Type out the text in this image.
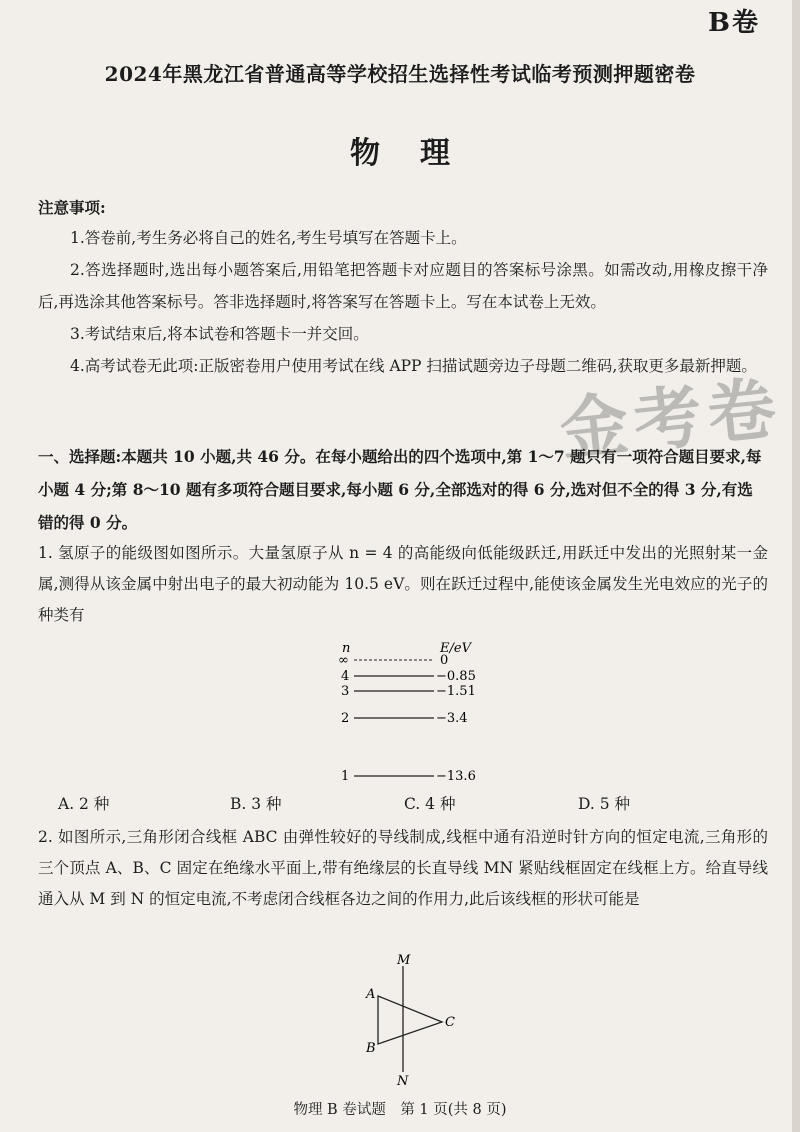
B卷
2024年黑龙江省普通高等学校招生选择性考试临考预测押题密卷
物理
注意事项:
1.答卷前,考生务必将自己的姓名,考生号填写在答题卡上。
2.答选择题时,选出每小题答案后,用铅笔把答题卡对应题目的答案标号涂黑。如需改动,用橡皮擦干净后,再选涂其他答案标号。答非选择题时,将答案写在答题卡上。写在本试卷上无效。
3.考试结束后,将本试卷和答题卡一并交回。
4.高考试卷无此项:正版密卷用户使用考试在线 APP 扫描试题旁边子母题二维码,获取更多最新押题。
金考卷
一、选择题:本题共 10 小题,共 46 分。在每小题给出的四个选项中,第 1～7 题只有一项符合题目要求,每小题 4 分;第 8～10 题有多项符合题目要求,每小题 6 分,全部选对的得 6 分,选对但不全的得 3 分,有选错的得 0 分。
1. 氢原子的能级图如图所示。大量氢原子从 n = 4 的高能级向低能级跃迁,用跃迁中发出的光照射某一金属,测得从该金属中射出电子的最大初动能为 10.5 eV。则在跃迁过程中,能使该金属发生光电效应的光子的种类有
n	E/eV
∞	0
4	−0.85
3	−1.51
2	−3.4
1	−13.6
A. 2 种	B. 3 种	C. 4 种	D. 5 种
2. 如图所示,三角形闭合线框 ABC 由弹性较好的导线制成,线框中通有沿逆时针方向的恒定电流,三角形的三个顶点 A、B、C 固定在绝缘水平面上,带有绝缘层的长直导线 MN 紧贴线框固定在线框上方。给直导线通入从 M 到 N 的恒定电流,不考虑闭合线框各边之间的作用力,此后该线框的形状可能是
M
N
A
B
C
物理 B 卷试题　第 1 页(共 8 页)
